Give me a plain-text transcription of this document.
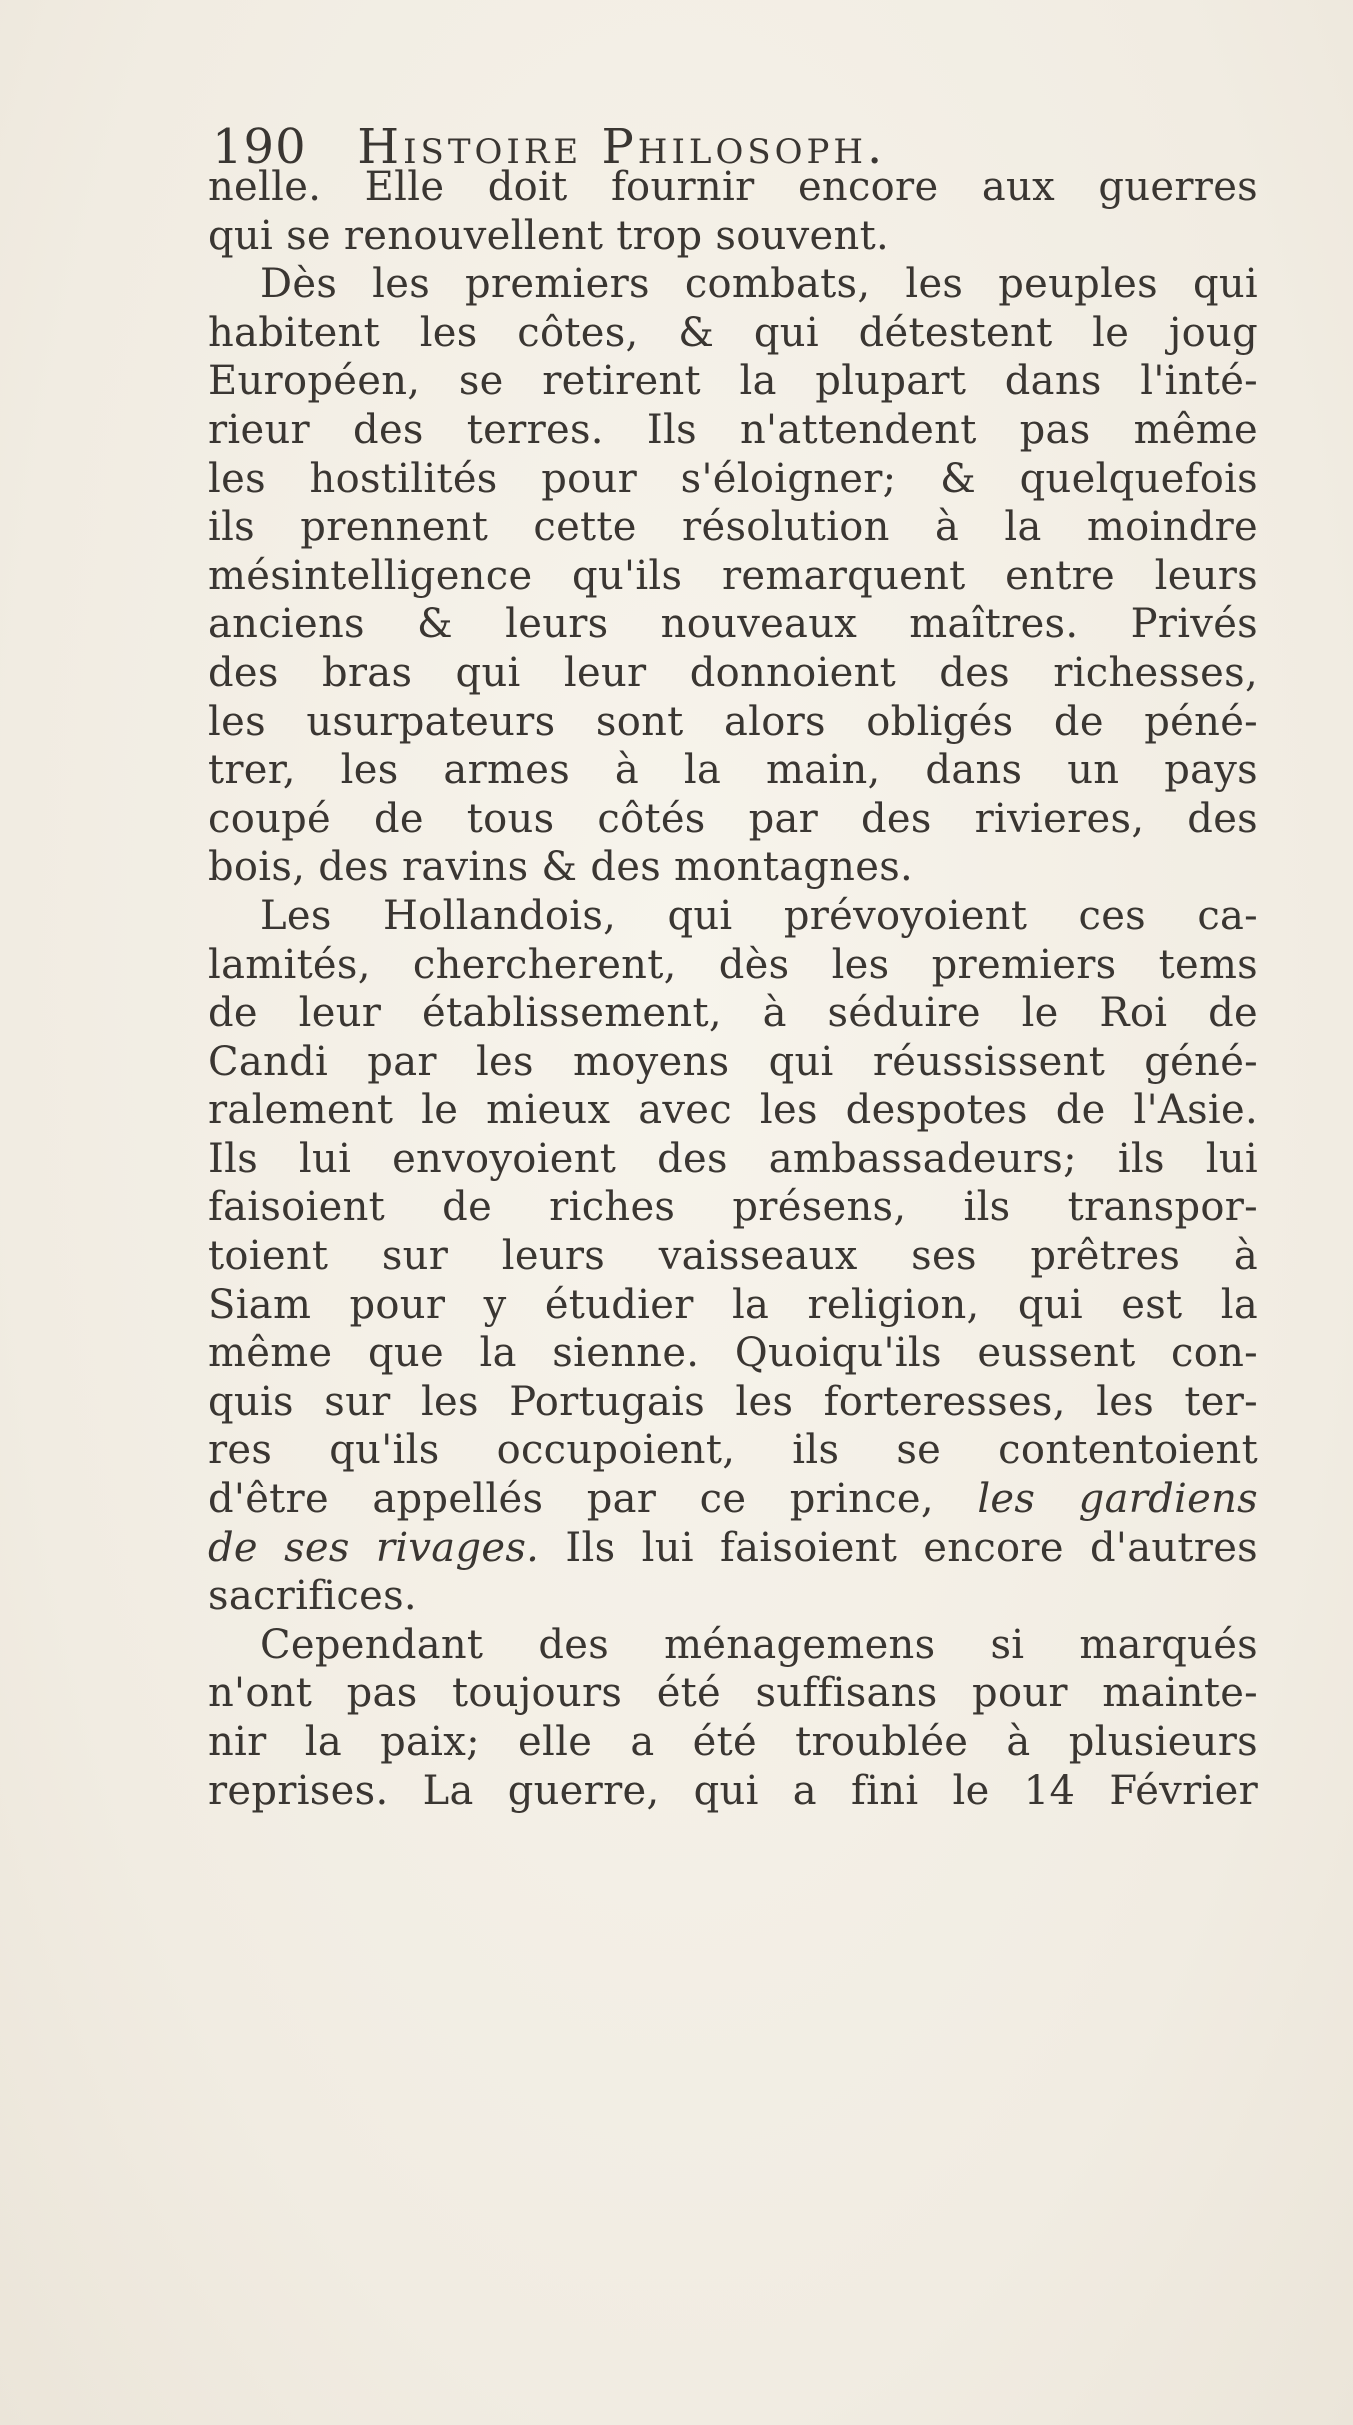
190 Histoire Philosoph.
nelle. Elle doit fournir encore aux guerres
qui se renouvellent trop souvent.
Dès les premiers combats, les peuples qui
habitent les côtes, & qui détestent le joug
Européen, se retirent la plupart dans l'inté-
rieur des terres. Ils n'attendent pas même
les hostilités pour s'éloigner; & quelquefois
ils prennent cette résolution à la moindre
mésintelligence qu'ils remarquent entre leurs
anciens & leurs nouveaux maîtres. Privés
des bras qui leur donnoient des richesses,
les usurpateurs sont alors obligés de péné-
trer, les armes à la main, dans un pays
coupé de tous côtés par des rivieres, des
bois, des ravins & des montagnes.
Les Hollandois, qui prévoyoient ces ca-
lamités, chercherent, dès les premiers tems
de leur établissement, à séduire le Roi de
Candi par les moyens qui réussissent géné-
ralement le mieux avec les despotes de l'Asie.
Ils lui envoyoient des ambassadeurs; ils lui
faisoient de riches présens, ils transpor-
toient sur leurs vaisseaux ses prêtres à
Siam pour y étudier la religion, qui est la
même que la sienne. Quoiqu'ils eussent con-
quis sur les Portugais les forteresses, les ter-
res qu'ils occupoient, ils se contentoient
d'être appellés par ce prince, les gardiens
de ses rivages. Ils lui faisoient encore d'autres
sacrifices.
Cependant des ménagemens si marqués
n'ont pas toujours été suffisans pour mainte-
nir la paix; elle a été troublée à plusieurs
reprises. La guerre, qui a fini le 14 Février
